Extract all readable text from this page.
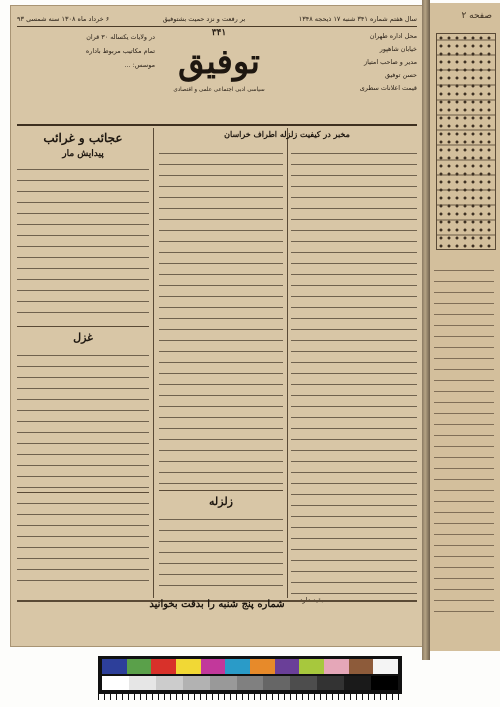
سال هفتم شماره ۳۴۱ شنبه ۱۷ ذیحجه ۱۳۴۸
بر رفعت و نزد حمیت بشتوفیق
۶ خرداد ماه ۱۳۰۸ سنه شمسی ۹۳
محل اداره طهران
خیابان شاهپور
مدیر و صاحب امتیاز
حسن توفیق
قیمت اعلانات سطری
۳۴۱
توفیق
سیاسی ادبی اجتماعی علمی و اقتصادی
در ولایات یکساله ۳۰ قران
تمام مکاتیب مربوط باداره
موسس: ...
مخبر در کیفیت زلزله اطراف خراسان
زلزله
عجائب و غرائب
پیدایش مار
غزل
شماره پنج شنبه را بدقت بخوانید
صفحه ۲
